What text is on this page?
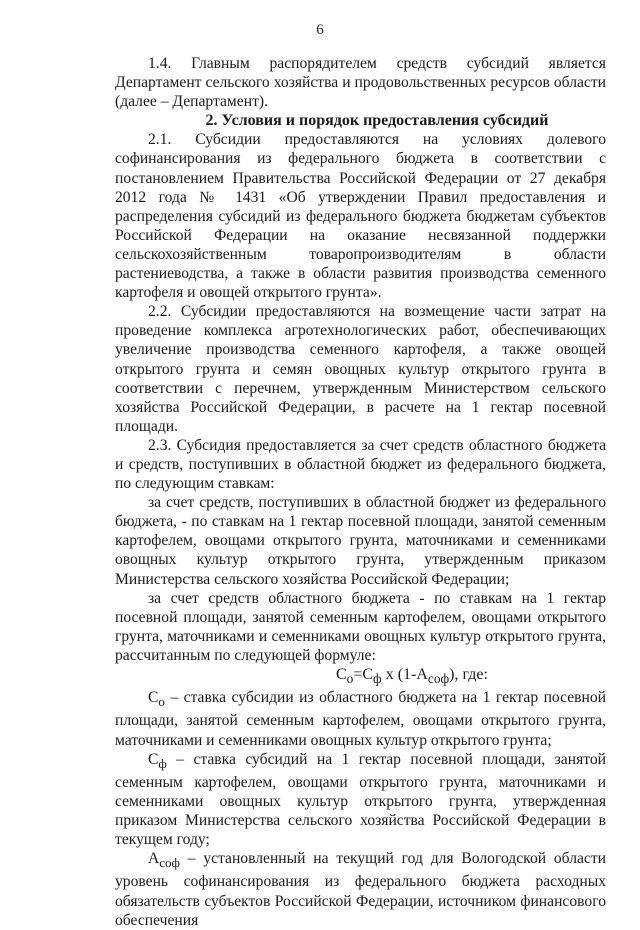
6

1.4. Главным распорядителем средств субсидий является Департамент сельского хозяйства и продовольственных ресурсов области (далее – Департамент).

2. Условия и порядок предоставления субсидий

2.1. Субсидии предоставляются на условиях долевого софинансирования из федерального бюджета в соответствии с постановлением Правительства Российской Федерации от 27 декабря 2012 года № 1431 «Об утверждении Правил предоставления и распределения субсидий из федерального бюджета бюджетам субъектов Российской Федерации на оказание несвязанной поддержки сельскохозяйственным товаропроизводителям в области растениеводства, а также в области развития производства семенного картофеля и овощей открытого грунта».

2.2. Субсидии предоставляются на возмещение части затрат на проведение комплекса агротехнологических работ, обеспечивающих увеличение производства семенного картофеля, а также овощей открытого грунта и семян овощных культур открытого грунта в соответствии с перечнем, утвержденным Министерством сельского хозяйства Российской Федерации, в расчете на 1 гектар посевной площади.

2.3. Субсидия предоставляется за счет средств областного бюджета и средств, поступивших в областной бюджет из федерального бюджета, по следующим ставкам:

за счет средств, поступивших в областной бюджет из федерального бюджета, - по ставкам на 1 гектар посевной площади, занятой семенным картофелем, овощами открытого грунта, маточниками и семенниками овощных культур открытого грунта, утвержденным приказом Министерства сельского хозяйства Российской Федерации;

за счет средств областного бюджета - по ставкам на 1 гектар посевной площади, занятой семенным картофелем, овощами открытого грунта, маточниками и семенниками овощных культур открытого грунта, рассчитанным по следующей формуле:

$С_о=С_ф$ х $(1-А_{соф})$, где:

$С_о$ – ставка субсидии из областного бюджета на 1 гектар посевной площади, занятой семенным картофелем, овощами открытого грунта, маточниками и семенниками овощных культур открытого грунта;

$С_ф$ – ставка субсидий на 1 гектар посевной площади, занятой семенным картофелем, овощами открытого грунта, маточниками и семенниками овощных культур открытого грунта, утвержденная приказом Министерства сельского хозяйства Российской Федерации в текущем году;

$А_{соф}$ – установленный на текущий год для Вологодской области уровень софинансирования из федерального бюджета расходных обязательств субъектов Российской Федерации, источником финансового обеспечения
